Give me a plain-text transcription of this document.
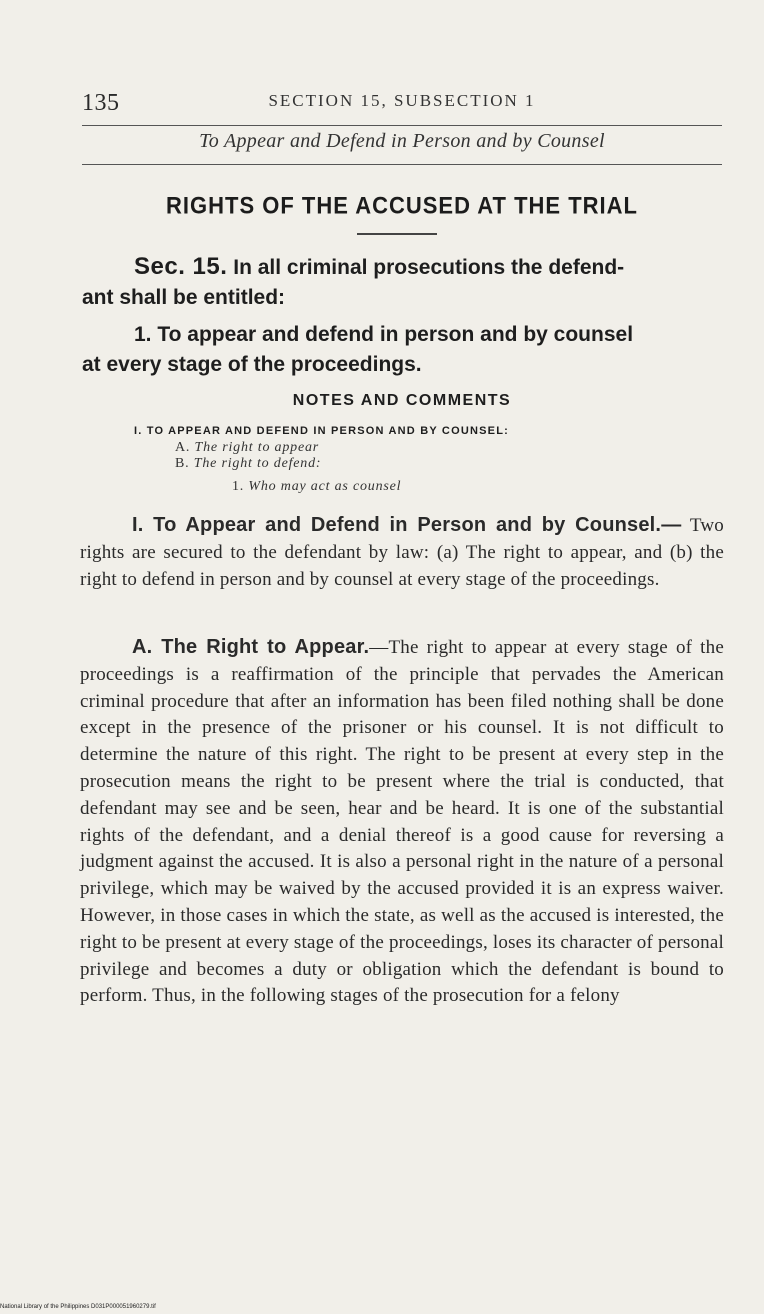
135	SECTION 15, SUBSECTION 1
To Appear and Defend in Person and by Counsel
RIGHTS OF THE ACCUSED AT THE TRIAL
Sec. 15. In all criminal prosecutions the defend-
ant shall be entitled:
1. To appear and defend in person and by counsel
at every stage of the proceedings.
NOTES AND COMMENTS
I. TO APPEAR AND DEFEND IN PERSON AND BY COUNSEL:
A. The right to appear
B. The right to defend:
1. Who may act as counsel
I. To Appear and Defend in Person and by Counsel.— Two rights are secured to the defendant by law: (a) The right to appear, and (b) the right to defend in person and by counsel at every stage of the proceedings.
A. The Right to Appear.—The right to appear at every stage of the proceedings is a reaffirmation of the principle that pervades the American criminal procedure that after an information has been filed nothing shall be done except in the presence of the prisoner or his counsel. It is not difficult to determine the nature of this right. The right to be present at every step in the prosecution means the right to be present where the trial is conducted, that defendant may see and be seen, hear and be heard. It is one of the substantial rights of the defendant, and a denial thereof is a good cause for reversing a judgment against the accused. It is also a personal right in the nature of a personal privilege, which may be waived by the accused provided it is an express waiver. However, in those cases in which the state, as well as the accused is interested, the right to be present at every stage of the proceedings, loses its character of personal privilege and becomes a duty or obligation which the defendant is bound to perform. Thus, in the following stages of the prosecution for a felony
National Library of the Philippines D031P000051960279.tif
